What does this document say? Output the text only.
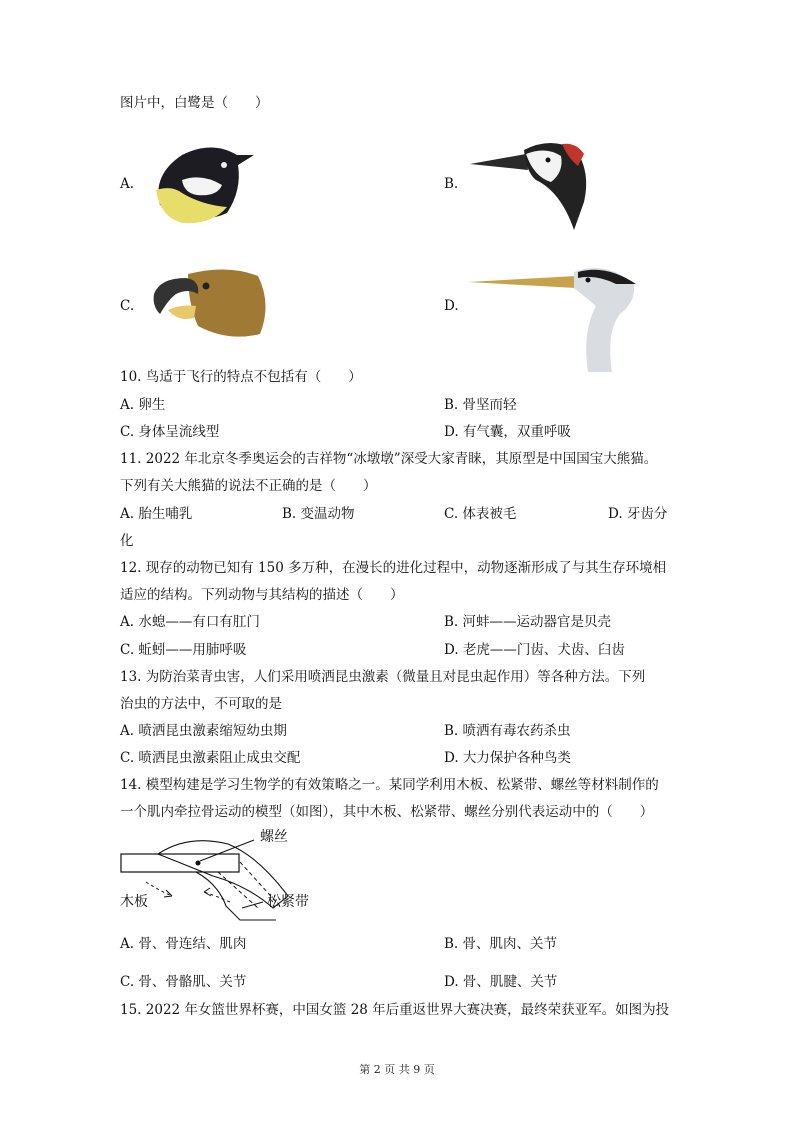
图片中，白鹭是（　　）
A.	B.
C.	D.
10. 鸟适于飞行的特点不包括有（　　）
A. 卵生	B. 骨坚而轻
C. 身体呈流线型	D. 有气囊，双重呼吸
11. 2022 年北京冬季奥运会的吉祥物“冰墩墩”深受大家青睐，其原型是中国国宝大熊猫。
下列有关大熊猫的说法不正确的是（　　）
A. 胎生哺乳	B. 变温动物	C. 体表被毛	D. 牙齿分
化
12. 现存的动物已知有 150 多万种，在漫长的进化过程中，动物逐渐形成了与其生存环境相
适应的结构。下列动物与其结构的描述（　　）
A. 水螅——有口有肛门	B. 河蚌——运动器官是贝壳
C. 蚯蚓——用肺呼吸	D. 老虎——门齿、犬齿、臼齿
13. 为防治菜青虫害，人们采用喷洒昆虫激素（微量且对昆虫起作用）等各种方法。下列
治虫的方法中，不可取的是
A. 喷洒昆虫激素缩短幼虫期	B. 喷洒有毒农药杀虫
C. 喷洒昆虫激素阻止成虫交配	D. 大力保护各种鸟类
14. 模型构建是学习生物学的有效策略之一。某同学利用木板、松紧带、螺丝等材料制作的
一个肌内牵拉骨运动的模型（如图），其中木板、松紧带、螺丝分别代表运动中的（　　）
螺丝
木板	松紧带
A. 骨、骨连结、肌肉	B. 骨、肌肉、关节
C. 骨、骨骼肌、关节	D. 骨、肌腱、关节
15. 2022 年女篮世界杯赛，中国女篮 28 年后重返世界大赛决赛，最终荣获亚军。如图为投
第 2 页 共 9 页
